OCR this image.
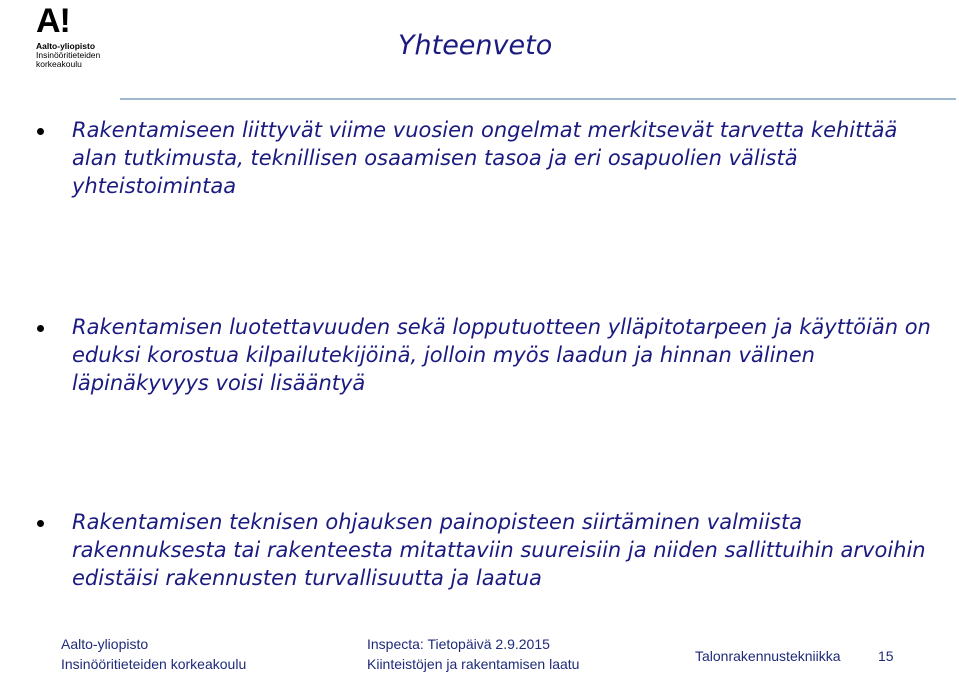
A!
Aalto-yliopisto
Insinööritieteiden
korkeakoulu
Yhteenveto
Rakentamiseen liittyvät viime vuosien ongelmat merkitsevät tarvetta kehittää alan tutkimusta, teknillisen osaamisen tasoa ja eri osapuolien välistä yhteistoimintaa
Rakentamisen luotettavuuden sekä lopputuotteen ylläpitotarpeen ja käyttöiän on eduksi korostua kilpailutekijöinä, jolloin myös laadun ja hinnan välinen läpinäkyvyys voisi lisääntyä
Rakentamisen teknisen ohjauksen painopisteen siirtäminen valmiista rakennuksesta tai rakenteesta mitattaviin suureisiin ja niiden sallittuihin arvoihin edistäisi rakennusten turvallisuutta ja laatua
Aalto-yliopisto
Insinööritieteiden korkeakoulu
Inspecta: Tietopäivä 2.9.2015
Kiinteistöjen ja rakentamisen laatu	Talonrakennustekniikka	15
